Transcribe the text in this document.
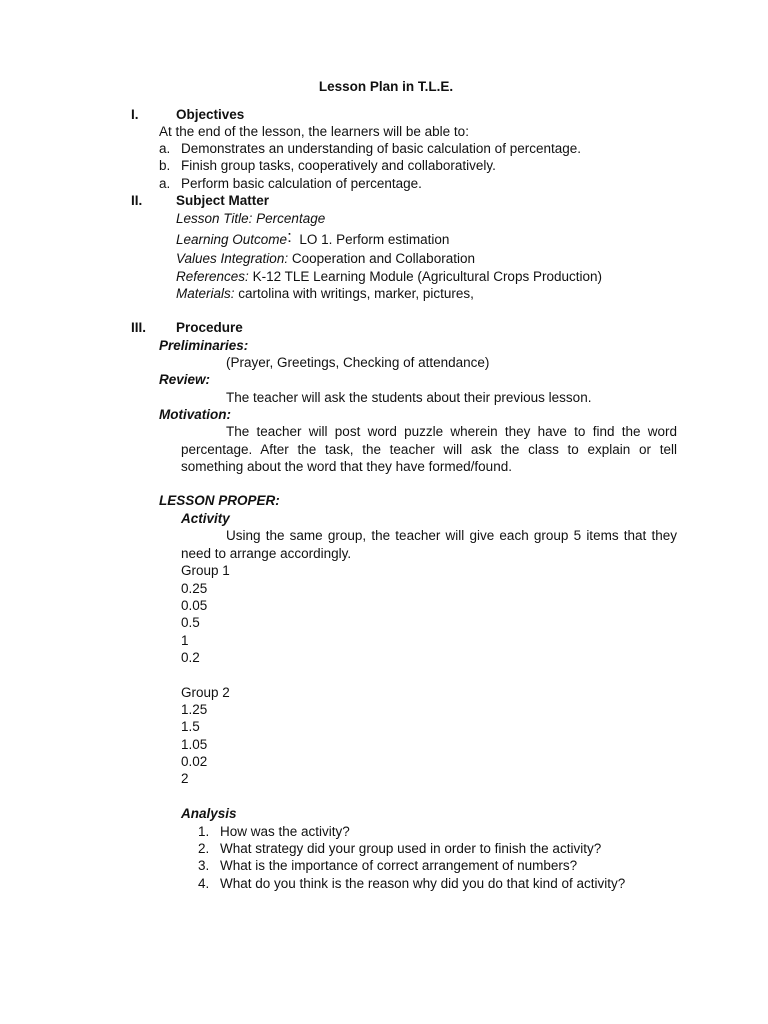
Lesson Plan in T.L.E.
I.	Objectives
At the end of the lesson, the learners will be able to:
a. Demonstrates an understanding of basic calculation of percentage.
b. Finish group tasks, cooperatively and collaboratively.
a. Perform basic calculation of percentage.
II. Subject Matter
Lesson Title: Percentage
Learning Outcome: LO 1. Perform estimation
Values Integration: Cooperation and Collaboration
References: K-12 TLE Learning Module (Agricultural Crops Production)
Materials: cartolina with writings, marker, pictures,
III. Procedure
Preliminaries:
(Prayer, Greetings, Checking of attendance)
Review:
The teacher will ask the students about their previous lesson.
Motivation:
The teacher will post word puzzle wherein they have to find the word percentage. After the task, the teacher will ask the class to explain or tell something about the word that they have formed/found.
LESSON PROPER:
Activity
Using the same group, the teacher will give each group 5 items that they need to arrange accordingly.
Group 1
0.25
0.05
0.5
1
0.2
Group 2
1.25
1.5
1.05
0.02
2
Analysis
1. How was the activity?
2. What strategy did your group used in order to finish the activity?
3. What is the importance of correct arrangement of numbers?
4. What do you think is the reason why did you do that kind of activity?
